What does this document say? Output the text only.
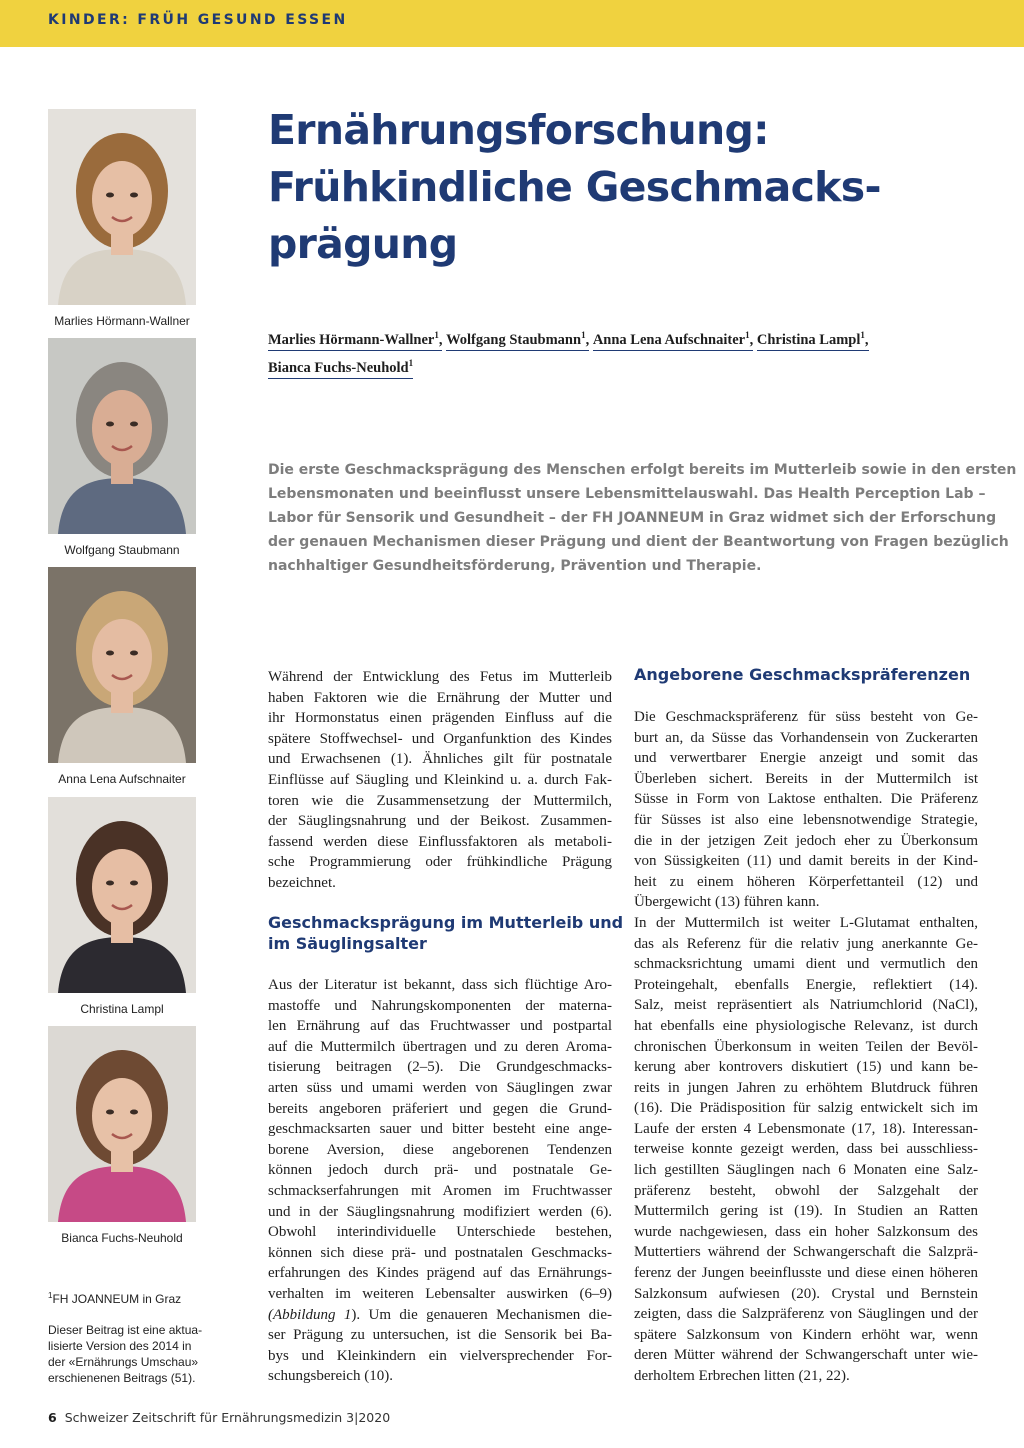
KINDER: FRÜH GESUND ESSEN
Marlies Hörmann-Wallner
Wolfgang Staubmann
Anna Lena Aufschnaiter
Christina Lampl
Bianca Fuchs-Neuhold
$^1$FH JOANNEUM in Graz
Dieser Beitrag ist eine aktua-
lisierte Version des 2014 in
der «Ernährungs Umschau»
erschienenen Beitrags (51).
Ernährungsforschung:
Frühkindliche Geschmacks-
prägung
Marlies Hörmann-Wallner$^1$, Wolfgang Staubmann$^1$, Anna Lena Aufschnaiter$^1$, Christina Lampl$^1$,
Bianca Fuchs-Neuhold$^1$
Die erste Geschmacksprägung des Menschen erfolgt bereits im Mutterleib sowie in den ersten
Lebensmonaten und beeinflusst unsere Lebensmittelauswahl. Das Health Perception Lab –
Labor für Sensorik und Gesundheit – der FH JOANNEUM in Graz widmet sich der Erforschung
der genauen Mechanismen dieser Prägung und dient der Beantwortung von Fragen bezüglich
nachhaltiger Gesundheitsförderung, Prävention und Therapie.
Während der Entwicklung des Fetus im Mutterleib
haben Faktoren wie die Ernährung der Mutter und
ihr Hormonstatus einen prägenden Einfluss auf die
spätere Stoffwechsel- und Organfunktion des Kindes
und Erwachsenen (1). Ähnliches gilt für postnatale
Einflüsse auf Säugling und Kleinkind u. a. durch Fak-
toren wie die Zusammensetzung der Muttermilch,
der Säuglingsnahrung und der Beikost. Zusammen-
fassend werden diese Einflussfaktoren als metaboli-
sche Programmierung oder frühkindliche Prägung
bezeichnet.
Geschmacksprägung im Mutterleib und
im Säuglingsalter
Aus der Literatur ist bekannt, dass sich flüchtige Aro-
mastoffe und Nahrungskomponenten der materna-
len Ernährung auf das Fruchtwasser und postpartal
auf die Muttermilch übertragen und zu deren Aroma-
tisierung beitragen (2–5). Die Grundgeschmacks-
arten süss und umami werden von Säuglingen zwar
bereits angeboren präferiert und gegen die Grund-
geschmacksarten sauer und bitter besteht eine ange-
borene Aversion, diese angeborenen Tendenzen
können jedoch durch prä- und postnatale Ge-
schmackserfahrungen mit Aromen im Fruchtwasser
und in der Säuglingsnahrung modifiziert werden (6).
Obwohl interindividuelle Unterschiede bestehen,
können sich diese prä- und postnatalen Geschmacks-
erfahrungen des Kindes prägend auf das Ernährungs-
verhalten im weiteren Lebensalter auswirken (6–9)
(Abbildung 1). Um die genaueren Mechanismen die-
ser Prägung zu untersuchen, ist die Sensorik bei Ba-
bys und Kleinkindern ein vielversprechender For-
schungsbereich (10).
Angeborene Geschmackspräferenzen
Die Geschmackspräferenz für süss besteht von Ge-
burt an, da Süsse das Vorhandensein von Zuckerarten
und verwertbarer Energie anzeigt und somit das
Überleben sichert. Bereits in der Muttermilch ist
Süsse in Form von Laktose enthalten. Die Präferenz
für Süsses ist also eine lebensnotwendige Strategie,
die in der jetzigen Zeit jedoch eher zu Überkonsum
von Süssigkeiten (11) und damit bereits in der Kind-
heit zu einem höheren Körperfettanteil (12) und
Übergewicht (13) führen kann.
In der Muttermilch ist weiter L-Glutamat enthalten,
das als Referenz für die relativ jung anerkannte Ge-
schmacksrichtung umami dient und vermutlich den
Proteingehalt, ebenfalls Energie, reflektiert (14).
Salz, meist repräsentiert als Natriumchlorid (NaCl),
hat ebenfalls eine physiologische Relevanz, ist durch
chronischen Überkonsum in weiten Teilen der Bevöl-
kerung aber kontrovers diskutiert (15) und kann be-
reits in jungen Jahren zu erhöhtem Blutdruck führen
(16). Die Prädisposition für salzig entwickelt sich im
Laufe der ersten 4 Lebensmonate (17, 18). Interessan-
terweise konnte gezeigt werden, dass bei ausschliess-
lich gestillten Säuglingen nach 6 Monaten eine Salz-
präferenz besteht, obwohl der Salzgehalt der
Muttermilch gering ist (19). In Studien an Ratten
wurde nachgewiesen, dass ein hoher Salzkonsum des
Muttertiers während der Schwangerschaft die Salzprä-
ferenz der Jungen beeinflusste und diese einen höheren
Salzkonsum aufwiesen (20). Crystal und Bernstein
zeigten, dass die Salzpräferenz von Säuglingen und der
spätere Salzkonsum von Kindern erhöht war, wenn
deren Mütter während der Schwangerschaft unter wie-
derholtem Erbrechen litten (21, 22).
6 Schweizer Zeitschrift für Ernährungsmedizin 3|2020
